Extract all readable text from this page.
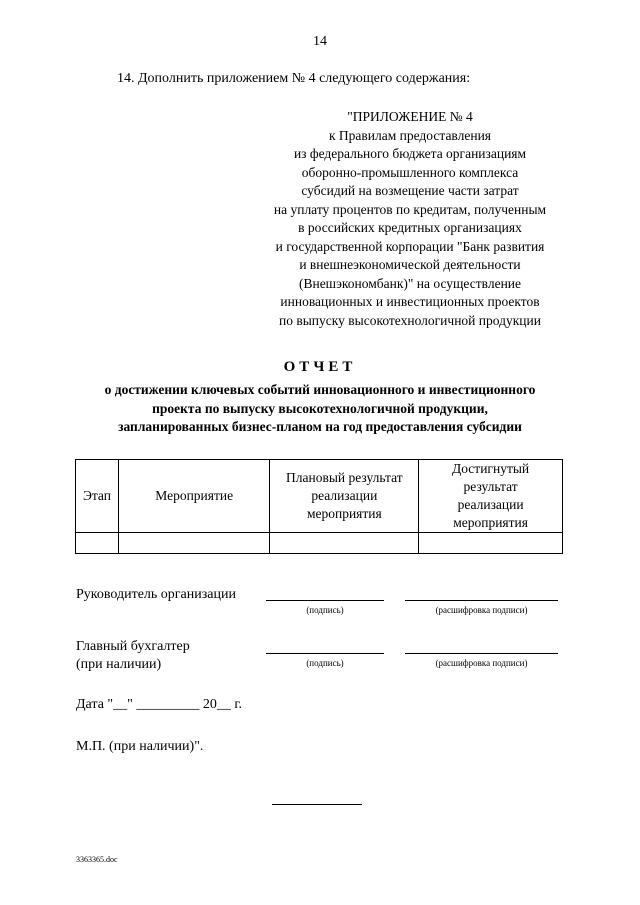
14
14. Дополнить приложением № 4 следующего содержания:
"ПРИЛОЖЕНИЕ № 4
к Правилам предоставления
из федерального бюджета организациям
оборонно-промышленного комплекса
субсидий на возмещение части затрат
на уплату процентов по кредитам, полученным
в российских кредитных организациях
и государственной корпорации "Банк развития
и внешнеэкономической деятельности
(Внешэкономбанк)" на осуществление
инновационных и инвестиционных проектов
по выпуску высокотехнологичной продукции
ОТЧЕТ
о достижении ключевых событий инновационного и инвестиционного
проекта по выпуску высокотехнологичной продукции,
запланированных бизнес-планом на год предоставления субсидии
Этап	Мероприятие	Плановый результат реализации мероприятия	Достигнутый результат реализации мероприятия

Руководитель организации
(подпись)	(расшифровка подписи)
Главный бухгалтер
(при наличии)	(подпись)	(расшифровка подписи)
Дата "__" _________ 20__ г.
М.П. (при наличии)".
3363365.doc
